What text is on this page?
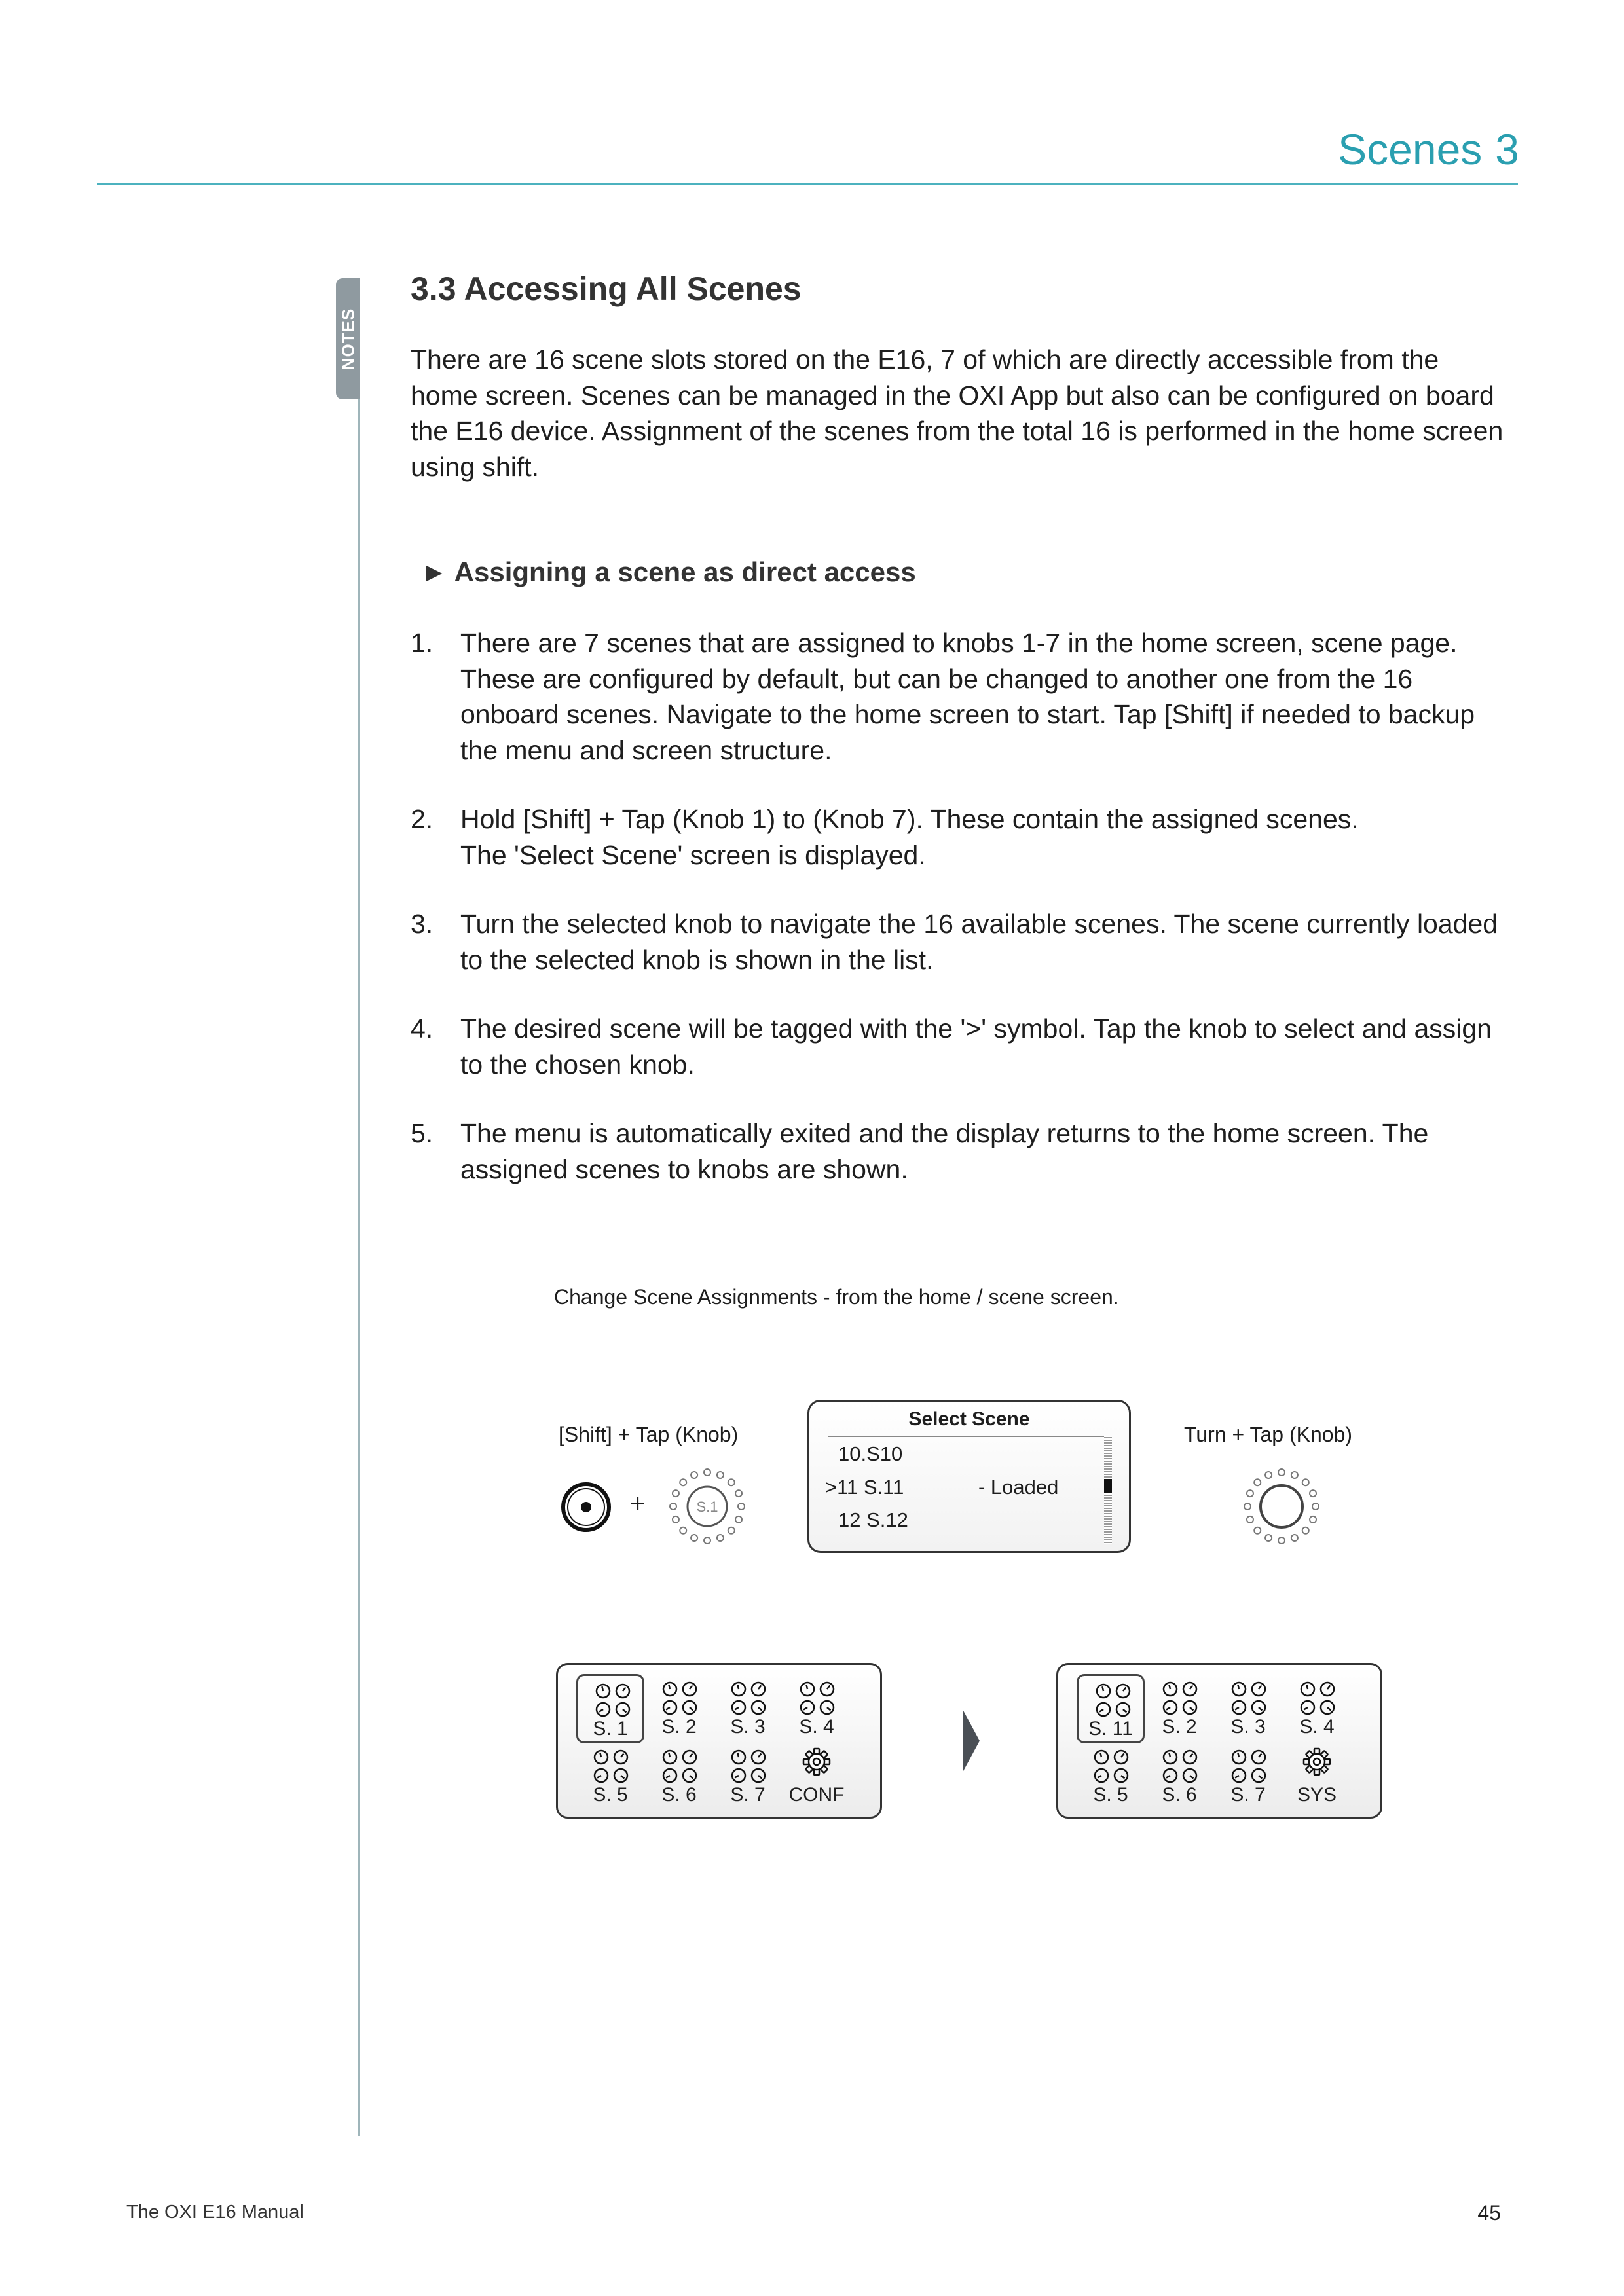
Scenes 3
NOTES
3.3 Accessing All Scenes

There are 16 scene slots stored on the E16, 7 of which are directly accessible from the home screen. Scenes can be managed in the OXI App but also can be configured on board the E16 device. Assignment of the scenes from the total 16 is performed in the home screen using shift.

► Assigning a scene as direct access
1.	There are 7 scenes that are assigned to knobs 1-7 in the home screen, scene page. These are configured by default, but can be changed to another one from the 16 onboard scenes. Navigate to the home screen to start. Tap [Shift] if needed to backup the menu and screen structure.
2.	Hold [Shift] + Tap (Knob 1) to (Knob 7). These contain the assigned scenes.
The 'Select Scene' screen is displayed.
3.	Turn the selected knob to navigate the 16 available scenes. The scene currently loaded to the selected knob is shown in the list.
4.	The desired scene will be tagged with the '>' symbol. Tap the knob to select and assign to the chosen knob.
5.	The menu is automatically exited and the display returns to the home screen. The assigned scenes to knobs are shown.
Change Scene Assignments - from the home / scene screen.
[Shift] + Tap (Knob)
+	S.1
Select Scene
10.S10
>11 S.11	- Loaded
12 S.12
Turn + Tap (Knob)
S. 1	S. 2	S. 3	S. 4
S. 5	S. 6	S. 7	CONF
S. 11	S. 2	S. 3	S. 4
S. 5	S. 6	S. 7	SYS
The OXI E16 Manual	45
